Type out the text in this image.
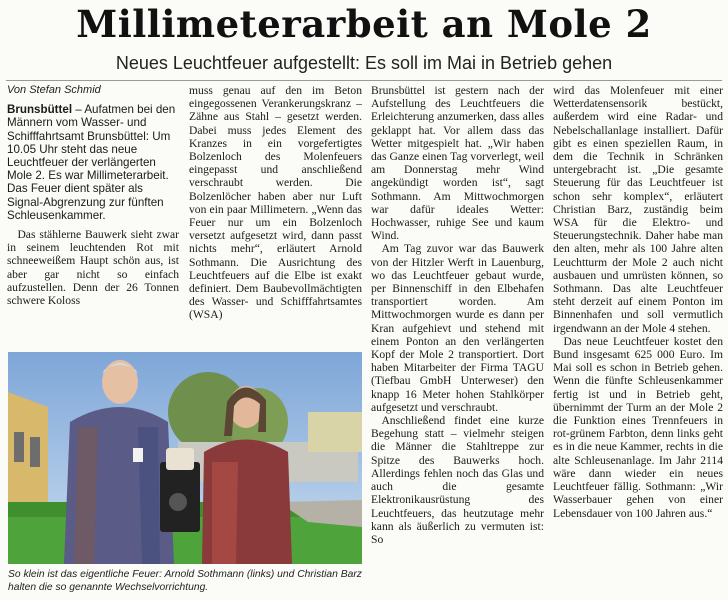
Millimeterarbeit an Mole 2
Neues Leuchtfeuer aufgestellt: Es soll im Mai in Betrieb gehen
Von Stefan Schmid

Brunsbüttel – Aufatmen bei den Männern vom Wasser- und Schifffahrtsamt Brunsbüttel: Um 10.05 Uhr steht das neue Leuchtfeuer der verlängerten Mole 2. Es war Millimeterarbeit. Das Feuer dient später als Signal-Abgrenzung zur fünften Schleusenkammer.

Das stählerne Bauwerk sieht zwar in seinem leuchtenden Rot mit schneeweißem Haupt schön aus, ist aber gar nicht so einfach aufzustellen. Denn der 26 Tonnen schwere Koloss

muss genau auf den im Beton eingegossenen Verankerungskranz – Zähne aus Stahl – gesetzt werden. Dabei muss jedes Element des Kranzes in ein vorgefertigtes Bolzenloch des Molenfeuers eingepasst und anschließend verschraubt werden. Die Bolzenlöcher haben aber nur Luft von ein paar Millimetern. „Wenn das Feuer nur um ein Bolzenloch versetzt aufgesetzt wird, dann passt nichts mehr“, erläutert Arnold Sothmann. Die Ausrichtung des Leuchtfeuers auf die Elbe ist exakt definiert. Dem Baubevollmächtigten des Wasser- und Schifffahrtsamtes (WSA)

So klein ist das eigentliche Feuer: Arnold Sothmann (links) und Christian Barz halten die so genannte Wechselvorrichtung.

Brunsbüttel ist gestern nach der Aufstellung des Leuchtfeuers die Erleichterung anzumerken, dass alles geklappt hat. Vor allem dass das Wetter mitgespielt hat. „Wir haben das Ganze einen Tag vorverlegt, weil am Donnerstag mehr Wind angekündigt worden ist“, sagt Sothmann. Am Mittwochmorgen war dafür ideales Wetter: Hochwasser, ruhige See und kaum Wind.

Am Tag zuvor war das Bauwerk von der Hitzler Werft in Lauenburg, wo das Leuchtfeuer gebaut wurde, per Binnenschiff in den Elbehafen transportiert worden. Am Mittwochmorgen wurde es dann per Kran aufgehievt und stehend mit einem Ponton an den verlängerten Kopf der Mole 2 transportiert. Dort haben Mitarbeiter der Firma TAGU (Tiefbau GmbH Unterweser) den knapp 16 Meter hohen Stahlkörper aufgesetzt und verschraubt.

Anschließend findet eine kurze Begehung statt – vielmehr steigen die Männer die Stahltreppe zur Spitze des Bauwerks hoch. Allerdings fehlen noch das Glas und auch die gesamte Elektronikausrüstung des Leuchtfeuers, das heutzutage mehr kann als äußerlich zu vermuten ist: So

wird das Molenfeuer mit einer Wetterdatensensorik bestückt, außerdem wird eine Radar- und Nebelschallanlage installiert. Dafür gibt es einen speziellen Raum, in dem die Technik in Schränken untergebracht ist. „Die gesamte Steuerung für das Leuchtfeuer ist schon sehr komplex“, erläutert Christian Barz, zuständig beim WSA für die Elektro- und Steuerungstechnik. Daher habe man den alten, mehr als 100 Jahre alten Leuchtturm der Mole 2 auch nicht ausbauen und umrüsten können, so Sothmann. Das alte Leuchtfeuer steht derzeit auf einem Ponton im Binnenhafen und soll vermutlich irgendwann an der Mole 4 stehen.

Das neue Leuchtfeuer kostet den Bund insgesamt 625 000 Euro. Im Mai soll es schon in Betrieb gehen. Wenn die fünfte Schleusenkammer fertig ist und in Betrieb geht, übernimmt der Turm an der Mole 2 die Funktion eines Trennfeuers in rot-grünem Farbton, denn links geht es in die neue Kammer, rechts in die alte Schleusenanlage. Im Jahr 2114 wäre dann wieder ein neues Leuchtfeuer fällig. Sothmann: „Wir Wasserbauer gehen von einer Lebensdauer von 100 Jahren aus.“
